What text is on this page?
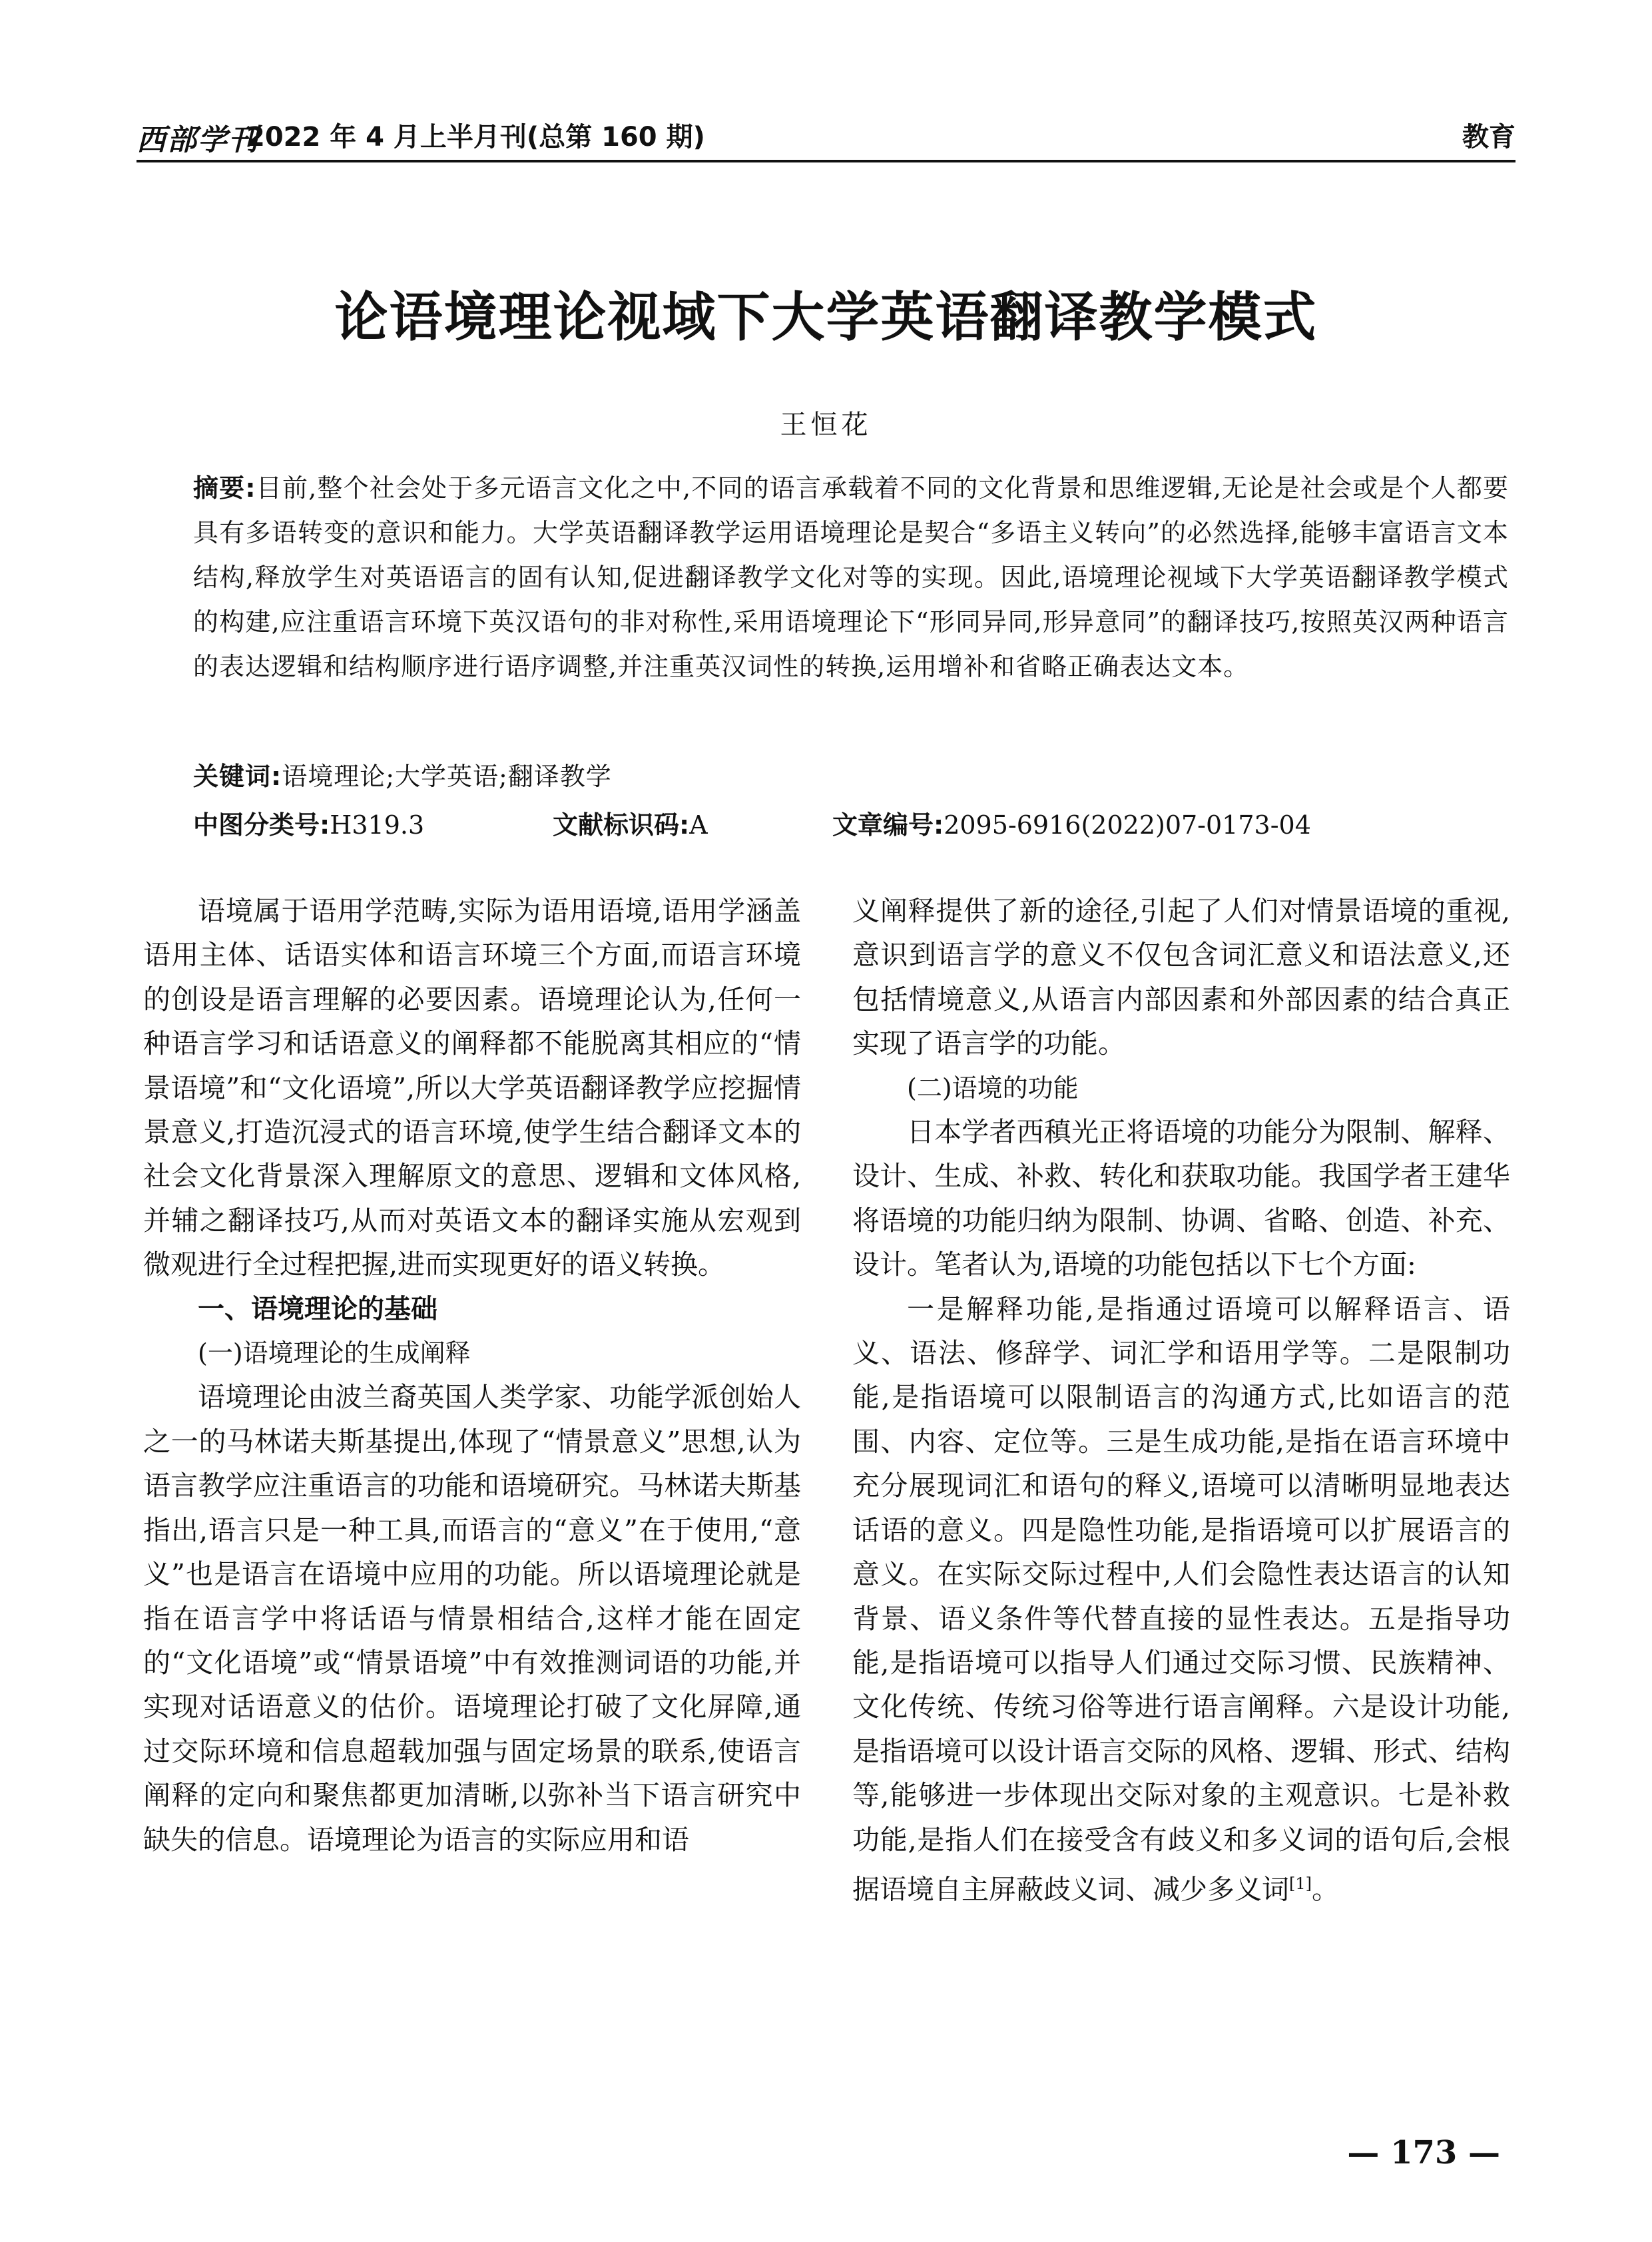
西部学刊
2022 年 4 月上半月刊(总第 160 期)	教育
论语境理论视域下大学英语翻译教学模式
王恒花
摘要:目前,整个社会处于多元语言文化之中,不同的语言承载着不同的文化背景和思维逻辑,无论是社会或是个人都要具有多语转变的意识和能力。大学英语翻译教学运用语境理论是契合“多语主义转向”的必然选择,能够丰富语言文本结构,释放学生对英语语言的固有认知,促进翻译教学文化对等的实现。因此,语境理论视域下大学英语翻译教学模式的构建,应注重语言环境下英汉语句的非对称性,采用语境理论下“形同异同,形异意同”的翻译技巧,按照英汉两种语言的表达逻辑和结构顺序进行语序调整,并注重英汉词性的转换,运用增补和省略正确表达文本。
关键词:语境理论;大学英语;翻译教学
中图分类号:H319.3	文献标识码:A	文章编号:2095-6916(2022)07-0173-04

语境属于语用学范畴,实际为语用语境,语用学涵盖语用主体、话语实体和语言环境三个方面,而语言环境的创设是语言理解的必要因素。语境理论认为,任何一种语言学习和话语意义的阐释都不能脱离其相应的“情景语境”和“文化语境”,所以大学英语翻译教学应挖掘情景意义,打造沉浸式的语言环境,使学生结合翻译文本的社会文化背景深入理解原文的意思、逻辑和文体风格,并辅之翻译技巧,从而对英语文本的翻译实施从宏观到微观进行全过程把握,进而实现更好的语义转换。

一、语境理论的基础
(一)语境理论的生成阐释

语境理论由波兰裔英国人类学家、功能学派创始人之一的马林诺夫斯基提出,体现了“情景意义”思想,认为语言教学应注重语言的功能和语境研究。马林诺夫斯基指出,语言只是一种工具,而语言的“意义”在于使用,“意义”也是语言在语境中应用的功能。所以语境理论就是指在语言学中将话语与情景相结合,这样才能在固定的“文化语境”或“情景语境”中有效推测词语的功能,并实现对话语意义的估价。语境理论打破了文化屏障,通过交际环境和信息超载加强与固定场景的联系,使语言阐释的定向和聚焦都更加清晰,以弥补当下语言研究中缺失的信息。语境理论为语言的实际应用和语

义阐释提供了新的途径,引起了人们对情景语境的重视,意识到语言学的意义不仅包含词汇意义和语法意义,还包括情境意义,从语言内部因素和外部因素的结合真正实现了语言学的功能。

(二)语境的功能

日本学者西稹光正将语境的功能分为限制、解释、设计、生成、补救、转化和获取功能。我国学者王建华将语境的功能归纳为限制、协调、省略、创造、补充、设计。笔者认为,语境的功能包括以下七个方面:

一是解释功能,是指通过语境可以解释语言、语义、语法、修辞学、词汇学和语用学等。二是限制功能,是指语境可以限制语言的沟通方式,比如语言的范围、内容、定位等。三是生成功能,是指在语言环境中充分展现词汇和语句的释义,语境可以清晰明显地表达话语的意义。四是隐性功能,是指语境可以扩展语言的意义。在实际交际过程中,人们会隐性表达语言的认知背景、语义条件等代替直接的显性表达。五是指导功能,是指语境可以指导人们通过交际习惯、民族精神、文化传统、传统习俗等进行语言阐释。六是设计功能,是指语境可以设计语言交际的风格、逻辑、形式、结构等,能够进一步体现出交际对象的主观意识。七是补救功能,是指人们在接受含有歧义和多义词的语句后,会根据语境自主屏蔽歧义词、减少多义词[1]。

— 173 —
